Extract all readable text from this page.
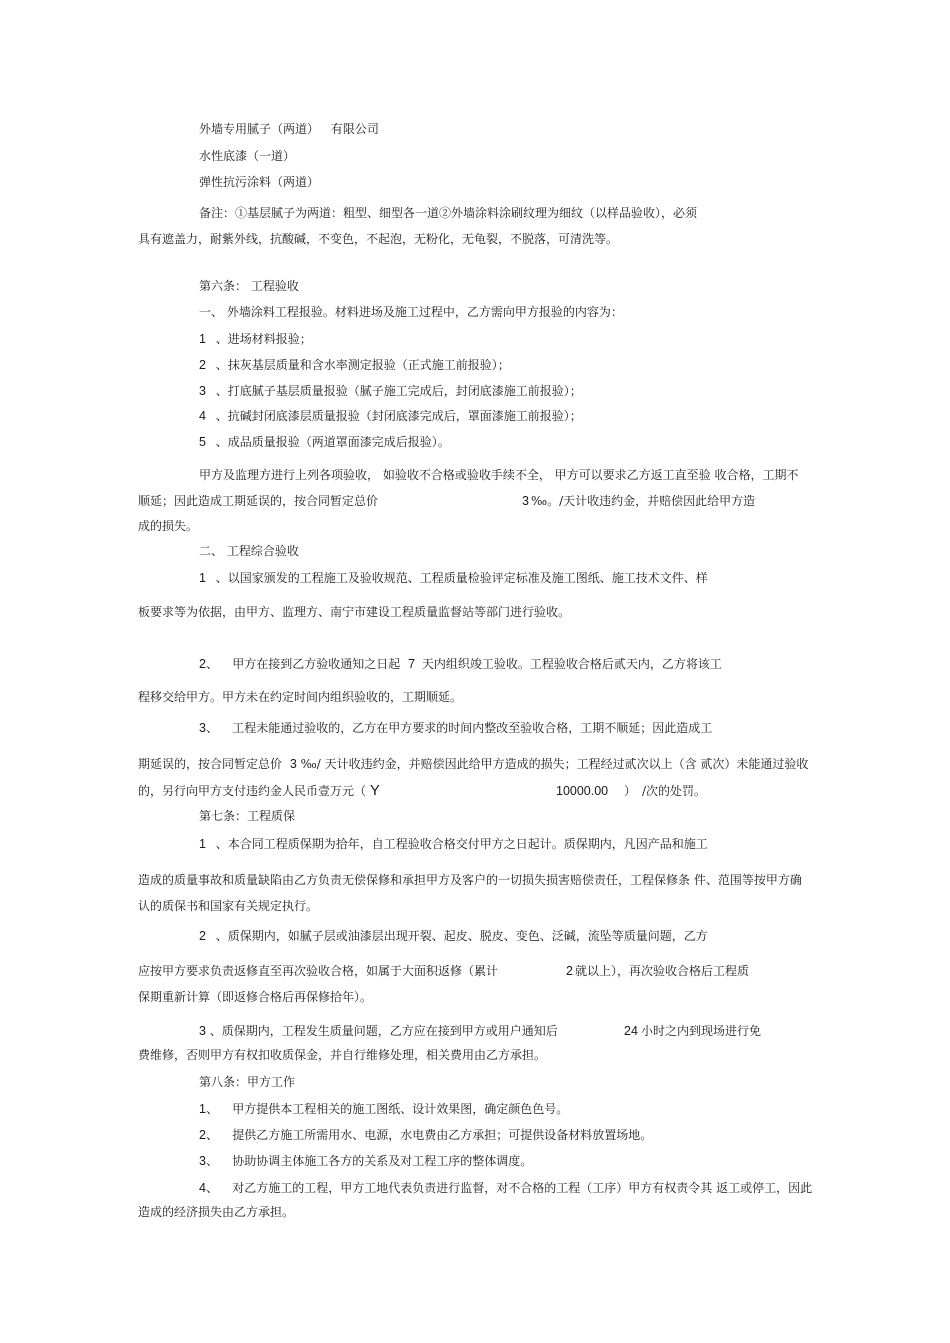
外墙专用腻子（两道） 有限公司
水性底漆（一道）
弹性抗污涂料（两道）
备注：①基层腻子为两道：粗型、细型各一道②外墙涂料涂刷纹理为细纹（以样品验收），必须
具有遮盖力，耐紫外线，抗酸碱，不变色，不起泡，无粉化，无龟裂，不脱落，可清洗等。
第六条： 工程验收
一、 外墙涂料工程报验。材料进场及施工过程中，乙方需向甲方报验的内容为：
1 、进场材料报验；
2 、抹灰基层质量和含水率测定报验（正式施工前报验）；
3 、打底腻子基层质量报验（腻子施工完成后，封闭底漆施工前报验）；
4 、抗碱封闭底漆层质量报验（封闭底漆完成后，罩面漆施工前报验）；
5 、成品质量报验（两道罩面漆完成后报验）。
甲方及监理方进行上列各项验收， 如验收不合格或验收手续不全， 甲方可以要求乙方返工直至验 收合格，工期不
顺延；因此造成工期延误的，按合同暂定总价	3 ‰。/天计收违约金，并赔偿因此给甲方造
成的损失。
二、 工程综合验收
1 、以国家颁发的工程施工及验收规范、工程质量检验评定标准及施工图纸、施工技术文件、样
板要求等为依据，由甲方、监理方、南宁市建设工程质量监督站等部门进行验收。
2、 甲方在接到乙方验收通知之日起 7 天内组织竣工验收。工程验收合格后贰天内，乙方将该工
程移交给甲方。甲方未在约定时间内组织验收的，工期顺延。
3、 工程未能通过验收的，乙方在甲方要求的时间内整改至验收合格，工期不顺延；因此造成工
期延误的，按合同暂定总价 3 ‰/ 天计收违约金，并赔偿因此给甲方造成的损失；工程经过贰次以上（含 贰次）未能通过验收
的，另行向甲方支付违约金人民币壹万元（ Y	10000.00 ） /次的处罚。
第七条：工程质保
1 、本合同工程质保期为拾年，自工程验收合格交付甲方之日起计。质保期内，凡因产品和施工
造成的质量事故和质量缺陷由乙方负责无偿保修和承担甲方及客户的一切损失损害赔偿责任，工程保修条 件、范围等按甲方确
认的质保书和国家有关规定执行。
2 、质保期内，如腻子层或油漆层出现开裂、起皮、脱皮、变色、泛碱，流坠等质量问题，乙方
应按甲方要求负责返修直至再次验收合格，如属于大面积返修（累计	2 就以上），再次验收合格后工程质
保期重新计算（即返修合格后再保修拾年）。
3 、质保期内，工程发生质量问题，乙方应在接到甲方或用户通知后	24 小时之内到现场进行免
费维修，否则甲方有权扣收质保金，并自行维修处理，相关费用由乙方承担。
第八条：甲方工作
1、 甲方提供本工程相关的施工图纸、设计效果图，确定颜色色号。
2、 提供乙方施工所需用水、电源，水电费由乙方承担；可提供设备材料放置场地。
3、 协助协调主体施工各方的关系及对工程工序的整体调度。
4、 对乙方施工的工程，甲方工地代表负责进行监督，对不合格的工程（工序）甲方有权责令其 返工或停工，因此
造成的经济损失由乙方承担。
